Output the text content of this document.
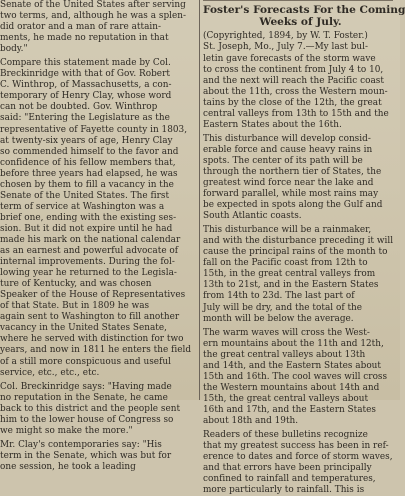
Senate of the United States after serving
two terms, and, although he was a splen-
did orator and a man of rare attain-
ments, he made no reputation in that
body."
Compare this statement made by Col.
Breckinridge with that of Gov. Robert
C. Winthrop, of Massachusetts, a con-
temporary of Henry Clay, whose word
can not be doubted. Gov. Winthrop
said: "Entering the Legislature as the
representative of Fayette county in 1803,
at twenty-six years of age, Henry Clay
so commended himself to the favor and
confidence of his fellow members that,
before three years had elapsed, he was
chosen by them to fill a vacancy in the
Senate of the United States. The first
term of service at Washington was a
brief one, ending with the existing ses-
sion. But it did not expire until he had
made his mark on the national calendar
as an earnest and powerful advocate of
internal improvements. During the fol-
lowing year he returned to the Legisla-
ture of Kentucky, and was chosen
Speaker of the House of Representatives
of that State. But in 1809 he was
again sent to Washington to fill another
vacancy in the United States Senate,
where he served with distinction for two
years, and now in 1811 he enters the field
of a still more conspicuous and useful
service, etc., etc., etc.
Col. Breckinridge says: "Having made
no reputation in the Senate, he came
back to this district and the people sent
him to the lower house of Congress so
we might so make the more."
Mr. Clay's contemporaries say: "His
term in the Senate, which was but for
one session, he took a leading
Foster's Forecasts For the Coming
Weeks of July.
(Copyrighted, 1894, by W. T. Foster.)
St. Joseph, Mo., July 7.—My last bul-
letin gave forecasts of the storm wave
to cross the continent from July 4 to 10,
and the next will reach the Pacific coast
about the 11th, cross the Western moun-
tains by the close of the 12th, the great
central valleys from 13th to 15th and the
Eastern States about the 16th.
This disturbance will develop consid-
erable force and cause heavy rains in
spots. The center of its path will be
through the northern tier of States, the
greatest wind force near the lake and
forward parallel, while most rains may
be expected in spots along the Gulf and
South Atlantic coasts.
This disturbance will be a rainmaker,
and with the disturbance preceding it will
cause the principal rains of the month to
fall on the Pacific coast from 12th to
15th, in the great central valleys from
13th to 21st, and in the Eastern States
from 14th to 23d. The last part of
July will be dry, and the total of the
month will be below the average.
The warm waves will cross the West-
ern mountains about the 11th and 12th,
the great central valleys about 13th
and 14th, and the Eastern States about
15th and 16th. The cool waves will cross
the Western mountains about 14th and
15th, the great central valleys about
16th and 17th, and the Eastern States
about 18th and 19th.
Readers of these bulletins recognize
that my greatest success has been in ref-
erence to dates and force of storm waves,
and that errors have been principally
confined to rainfall and temperatures,
more particularly to rainfall. This is
